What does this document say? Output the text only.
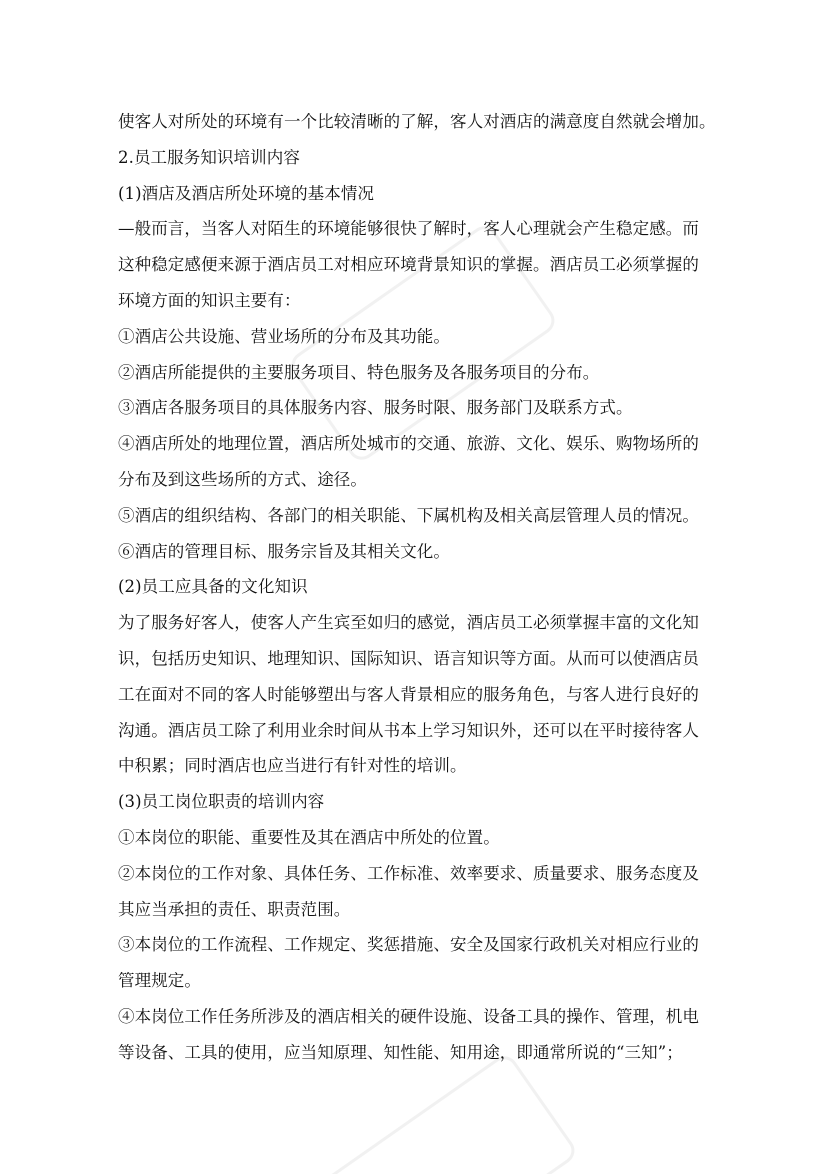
使客人对所处的环境有一个比较清晰的了解，客人对酒店的满意度自然就会增加。
2.员工服务知识培训内容
(1)酒店及酒店所处环境的基本情况
—般而言，当客人对陌生的环境能够很快了解时，客人心理就会产生稳定感。而
这种稳定感便来源于酒店员工对相应环境背景知识的掌握。酒店员工必须掌握的
环境方面的知识主要有：
①酒店公共设施、营业场所的分布及其功能。
②酒店所能提供的主要服务项目、特色服务及各服务项目的分布。
③酒店各服务项目的具体服务内容、服务时限、服务部门及联系方式。
④酒店所处的地理位置，酒店所处城市的交通、旅游、文化、娱乐、购物场所的
分布及到这些场所的方式、途径。
⑤酒店的组织结构、各部门的相关职能、下属机构及相关高层管理人员的情况。
⑥酒店的管理目标、服务宗旨及其相关文化。
(2)员工应具备的文化知识
为了服务好客人，使客人产生宾至如归的感觉，酒店员工必须掌握丰富的文化知
识，包括历史知识、地理知识、国际知识、语言知识等方面。从而可以使酒店员
工在面对不同的客人时能够塑出与客人背景相应的服务角色，与客人进行良好的
沟通。酒店员工除了利用业余时间从书本上学习知识外，还可以在平时接待客人
中积累；同时酒店也应当进行有针对性的培训。
(3)员工岗位职责的培训内容
①本岗位的职能、重要性及其在酒店中所处的位置。
②本岗位的工作对象、具体任务、工作标准、效率要求、质量要求、服务态度及
其应当承担的责任、职责范围。
③本岗位的工作流程、工作规定、奖惩措施、安全及国家行政机关对相应行业的
管理规定。
④本岗位工作任务所涉及的酒店相关的硬件设施、设备工具的操作、管理，机电
等设备、工具的使用，应当知原理、知性能、知用途，即通常所说的“三知”；
